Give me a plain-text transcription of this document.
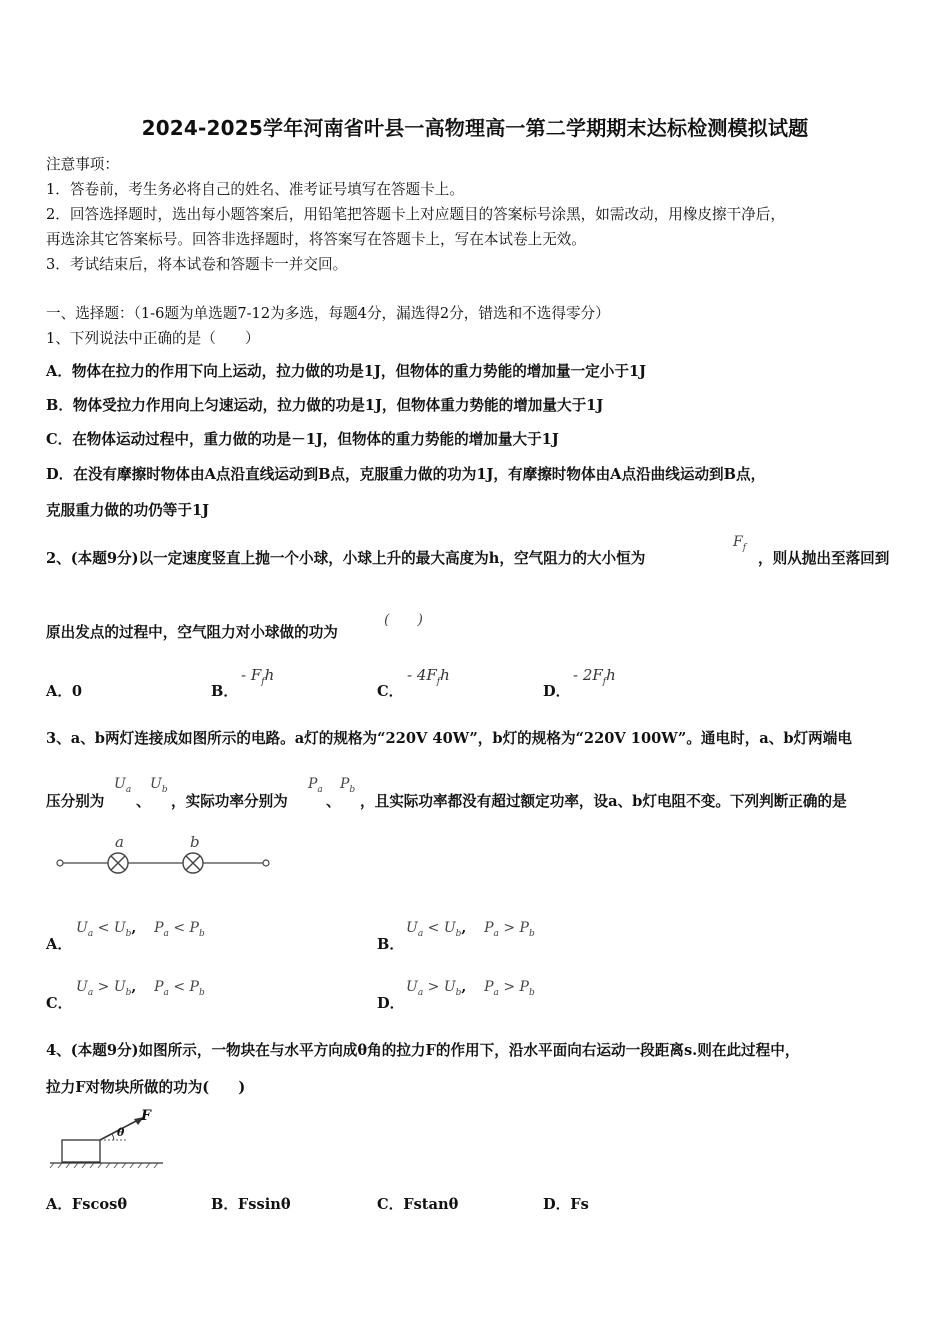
2024-2025学年河南省叶县一高物理高一第二学期期末达标检测模拟试题
注意事项：
1．答卷前，考生务必将自己的姓名、准考证号填写在答题卡上。
2．回答选择题时，选出每小题答案后，用铅笔把答题卡上对应题目的答案标号涂黑，如需改动，用橡皮擦干净后，
再选涂其它答案标号。回答非选择题时，将答案写在答题卡上，写在本试卷上无效。
3．考试结束后，将本试卷和答题卡一并交回。
一、选择题：（1-6题为单选题7-12为多选，每题4分，漏选得2分，错选和不选得零分）
1、下列说法中正确的是（　　）
A．物体在拉力的作用下向上运动，拉力做的功是1J，但物体的重力势能的增加量一定小于1J
B．物体受拉力作用向上匀速运动，拉力做的功是1J，但物体重力势能的增加量大于1J
C．在物体运动过程中，重力做的功是－1J，但物体的重力势能的增加量大于1J
D．在没有摩擦时物体由A点沿直线运动到B点，克服重力做的功为1J，有摩擦时物体由A点沿曲线运动到B点，
克服重力做的功仍等于1J
2、(本题9分)以一定速度竖直上抛一个小球，小球上升的最大高度为h，空气阻力的大小恒为
$F_f$
，则从抛出至落回到
原出发点的过程中，空气阻力对小球做的功为
(　　)
A．0	B．
- $F_fh$
C．
- $4F_fh$
D．
- $2F_fh$
3、a、b两灯连接成如图所示的电路。a灯的规格为“220V 40W”，b灯的规格为“220V 100W”。通电时，a、b灯两端电
压分别为
$U_a$
、
$U_b$
，实际功率分别为
$P_a$
、
$P_b$
，且实际功率都没有超过额定功率，设a、b灯电阻不变。下列判断正确的是
a	b
A．
$U_a < U_b$, $P_a < P_b$
B．
$U_a < U_b$, $P_a > P_b$
C．
$U_a > U_b$, $P_a < P_b$
D．
$U_a > U_b$, $P_a > P_b$
4、(本题9分)如图所示，一物块在与水平方向成θ角的拉力F的作用下，沿水平面向右运动一段距离s.则在此过程中，
拉力F对物块所做的功为(　　)
F
θ
A．Fscosθ	B．Fssinθ	C．Fstanθ	D．Fs
